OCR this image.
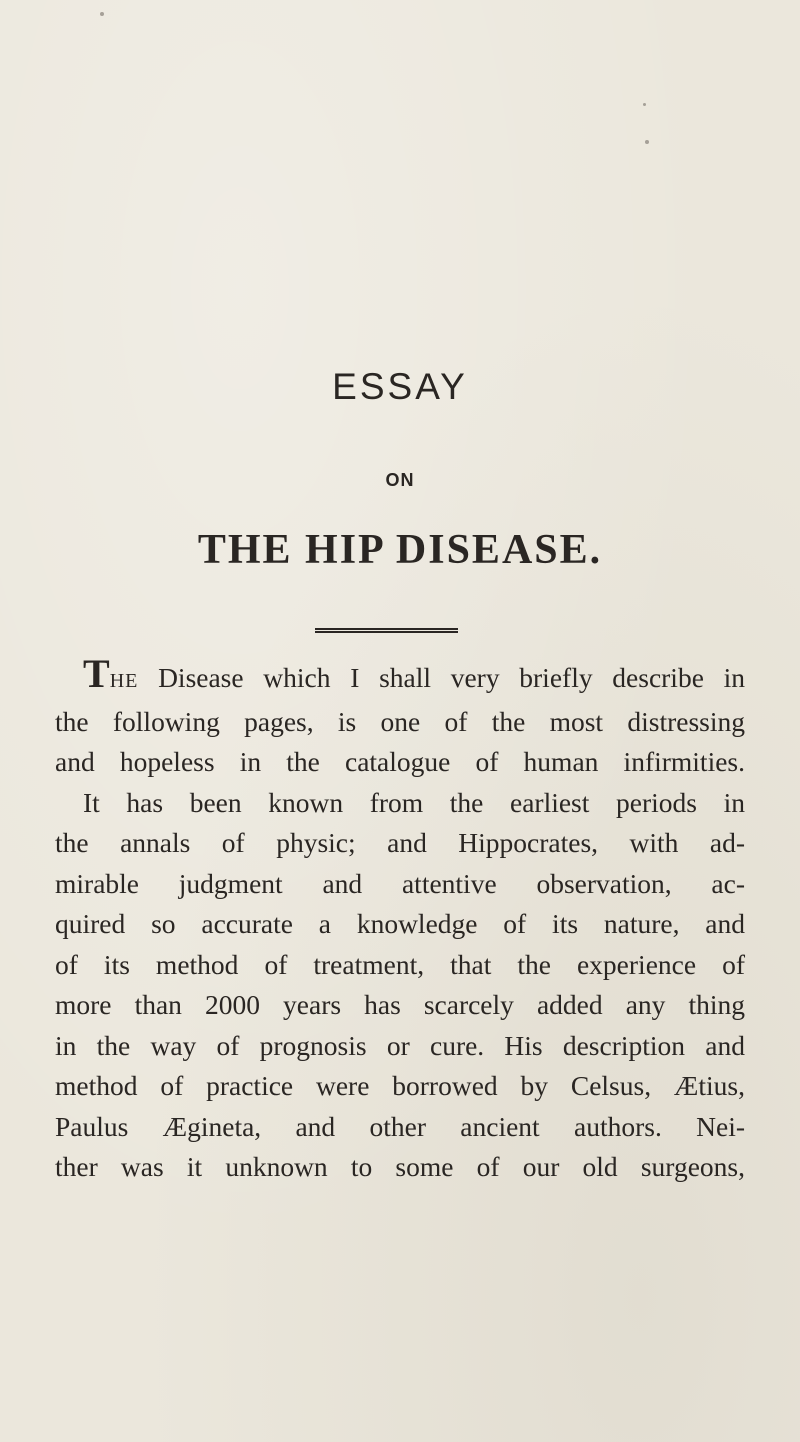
ESSAY
ON
THE HIP DISEASE.
THE Disease which I shall very briefly describe in
the following pages, is one of the most distressing
and hopeless in the catalogue of human infirmities.
It has been known from the earliest periods in
the annals of physic; and Hippocrates, with ad-
mirable judgment and attentive observation, ac-
quired so accurate a knowledge of its nature, and
of its method of treatment, that the experience of
more than 2000 years has scarcely added any thing
in the way of prognosis or cure. His description and
method of practice were borrowed by Celsus, Ætius,
Paulus Ægineta, and other ancient authors. Nei-
ther was it unknown to some of our old surgeons,
